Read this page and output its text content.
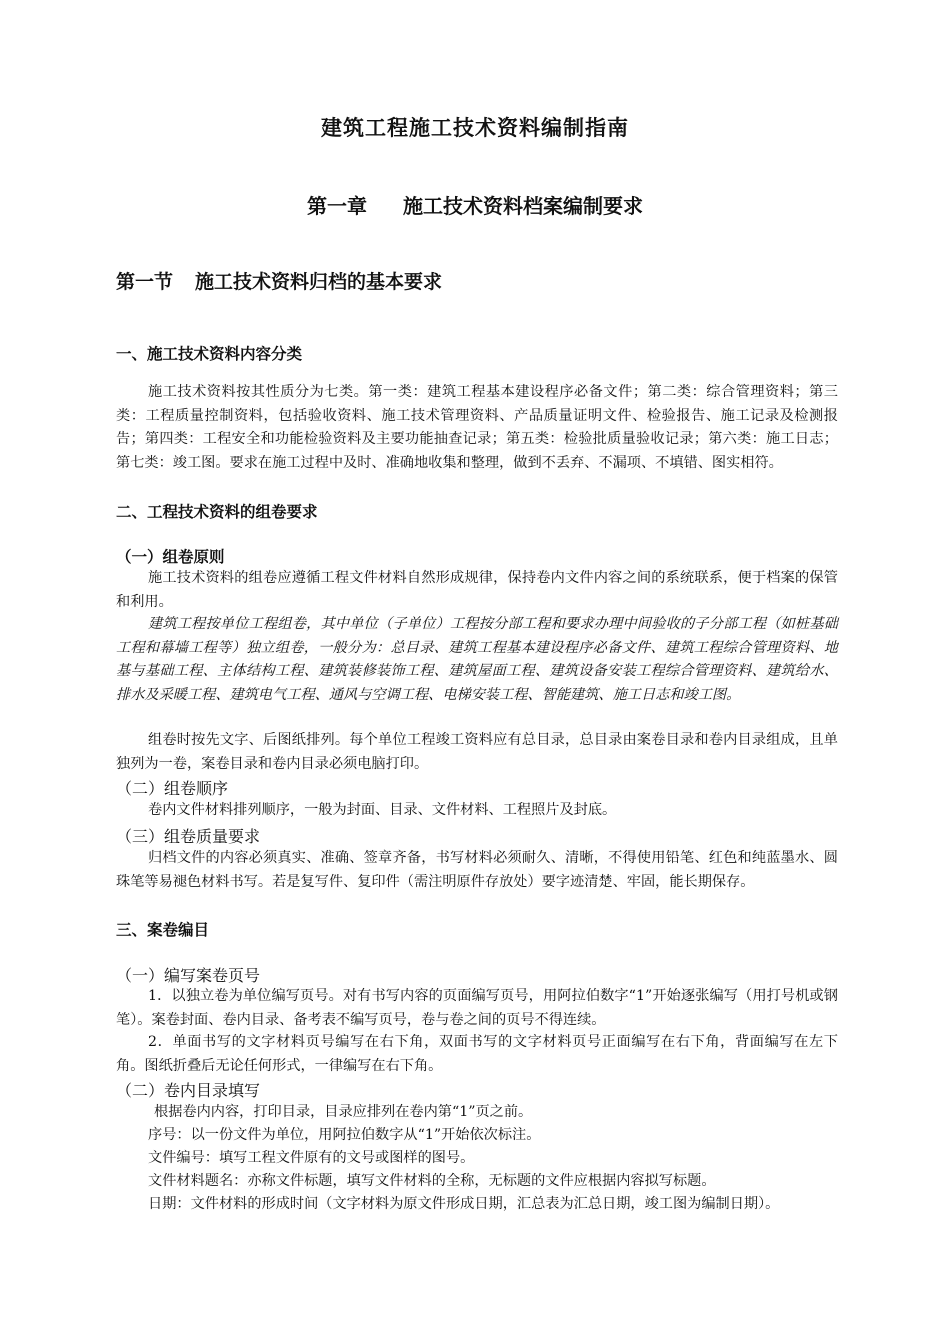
建筑工程施工技术资料编制指南
第一章 施工技术资料档案编制要求
第一节 施工技术资料归档的基本要求
一、施工技术资料内容分类
施工技术资料按其性质分为七类。第一类：建筑工程基本建设程序必备文件；第二类：综合管理资料；第三类：工程质量控制资料，包括验收资料、施工技术管理资料、产品质量证明文件、检验报告、施工记录及检测报告；第四类：工程安全和功能检验资料及主要功能抽查记录；第五类：检验批质量验收记录；第六类：施工日志；第七类：竣工图。要求在施工过程中及时、准确地收集和整理，做到不丢弃、不漏项、不填错、图实相符。
二、工程技术资料的组卷要求
（一）组卷原则
施工技术资料的组卷应遵循工程文件材料自然形成规律，保持卷内文件内容之间的系统联系，便于档案的保管和利用。
建筑工程按单位工程组卷，其中单位（子单位）工程按分部工程和要求办理中间验收的子分部工程（如桩基础工程和幕墙工程等）独立组卷，一般分为：总目录、建筑工程基本建设程序必备文件、建筑工程综合管理资料、地基与基础工程、主体结构工程、建筑装修装饰工程、建筑屋面工程、建筑设备安装工程综合管理资料、建筑给水、排水及采暖工程、建筑电气工程、通风与空调工程、电梯安装工程、智能建筑、施工日志和竣工图。
组卷时按先文字、后图纸排列。每个单位工程竣工资料应有总目录，总目录由案卷目录和卷内目录组成，且单独列为一卷，案卷目录和卷内目录必须电脑打印。
（二）组卷顺序
卷内文件材料排列顺序，一般为封面、目录、文件材料、工程照片及封底。
（三）组卷质量要求
归档文件的内容必须真实、准确、签章齐备，书写材料必须耐久、清晰，不得使用铅笔、红色和纯蓝墨水、圆珠笔等易褪色材料书写。若是复写件、复印件（需注明原件存放处）要字迹清楚、牢固，能长期保存。
三、案卷编目
（一）编写案卷页号
1．以独立卷为单位编写页号。对有书写内容的页面编写页号，用阿拉伯数字“1”开始逐张编写（用打号机或钢笔）。案卷封面、卷内目录、备考表不编写页号，卷与卷之间的页号不得连续。
2．单面书写的文字材料页号编写在右下角，双面书写的文字材料页号正面编写在右下角，背面编写在左下角。图纸折叠后无论任何形式，一律编写在右下角。
（二）卷内目录填写
根据卷内内容，打印目录，目录应排列在卷内第“1”页之前。
序号：以一份文件为单位，用阿拉伯数字从“1”开始依次标注。
文件编号：填写工程文件原有的文号或图样的图号。
文件材料题名：亦称文件标题，填写文件材料的全称，无标题的文件应根据内容拟写标题。
日期：文件材料的形成时间（文字材料为原文件形成日期，汇总表为汇总日期，竣工图为编制日期）。
